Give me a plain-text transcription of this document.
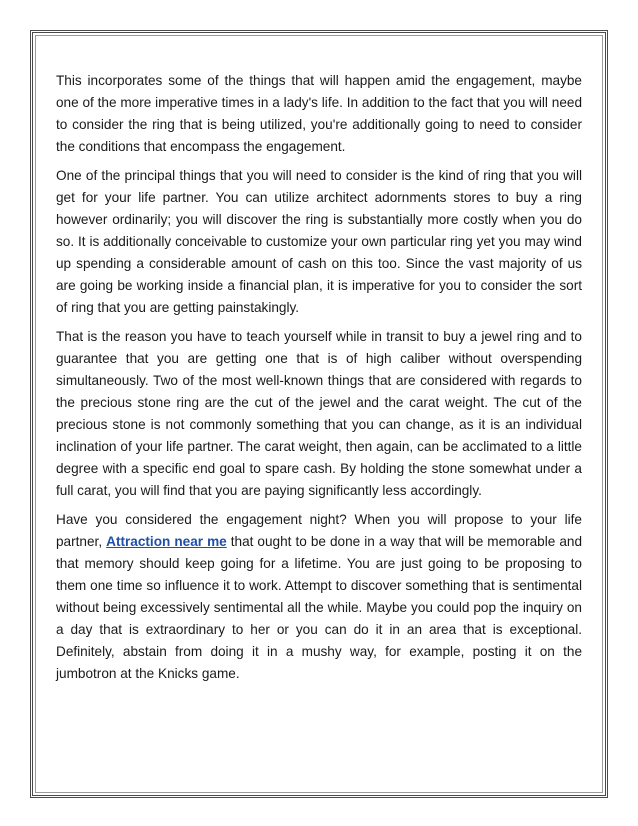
This incorporates some of the things that will happen amid the engagement, maybe one of the more imperative times in a lady's life. In addition to the fact that you will need to consider the ring that is being utilized, you're additionally going to need to consider the conditions that encompass the engagement.

One of the principal things that you will need to consider is the kind of ring that you will get for your life partner. You can utilize architect adornments stores to buy a ring however ordinarily; you will discover the ring is substantially more costly when you do so. It is additionally conceivable to customize your own particular ring yet you may wind up spending a considerable amount of cash on this too. Since the vast majority of us are going be working inside a financial plan, it is imperative for you to consider the sort of ring that you are getting painstakingly.

That is the reason you have to teach yourself while in transit to buy a jewel ring and to guarantee that you are getting one that is of high caliber without overspending simultaneously. Two of the most well-known things that are considered with regards to the precious stone ring are the cut of the jewel and the carat weight. The cut of the precious stone is not commonly something that you can change, as it is an individual inclination of your life partner. The carat weight, then again, can be acclimated to a little degree with a specific end goal to spare cash. By holding the stone somewhat under a full carat, you will find that you are paying significantly less accordingly.

Have you considered the engagement night? When you will propose to your life partner, Attraction near me that ought to be done in a way that will be memorable and that memory should keep going for a lifetime. You are just going to be proposing to them one time so influence it to work. Attempt to discover something that is sentimental without being excessively sentimental all the while. Maybe you could pop the inquiry on a day that is extraordinary to her or you can do it in an area that is exceptional. Definitely, abstain from doing it in a mushy way, for example, posting it on the jumbotron at the Knicks game.
